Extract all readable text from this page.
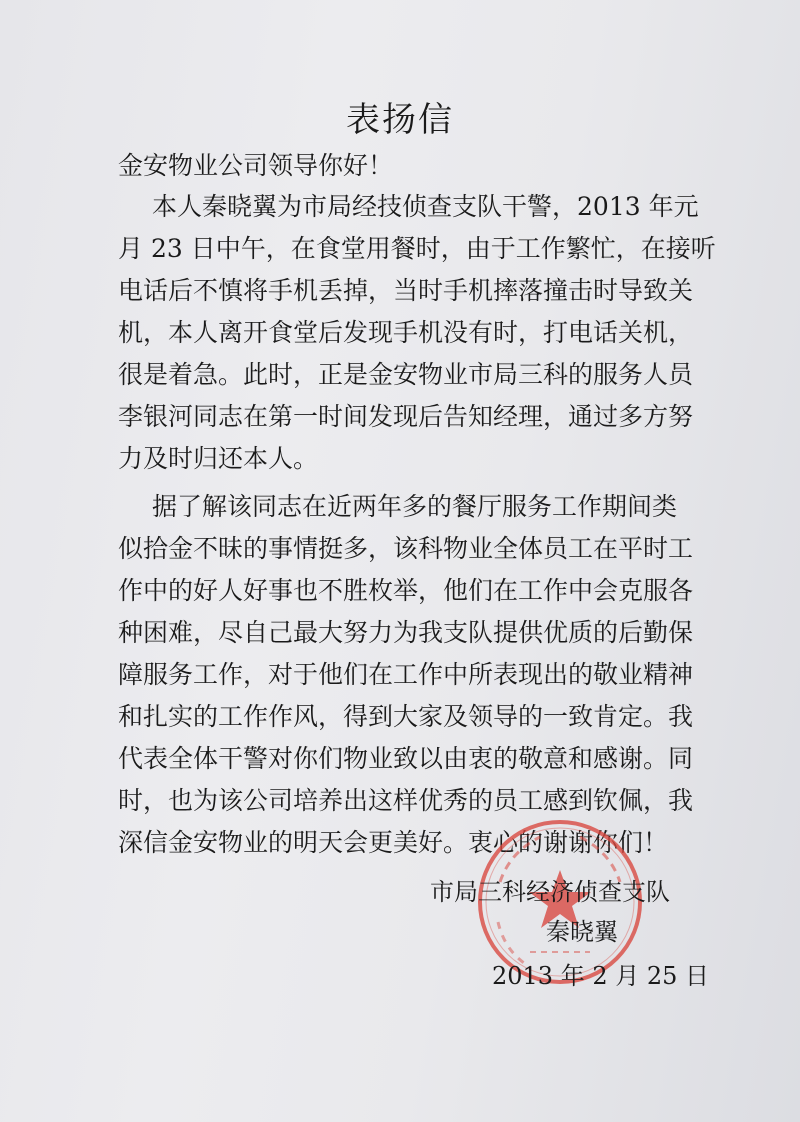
表扬信

金安物业公司领导你好！

本人秦晓翼为市局经技侦查支队干警，2013 年元

月 23 日中午，在食堂用餐时，由于工作繁忙，在接听

电话后不慎将手机丢掉，当时手机摔落撞击时导致关

机，本人离开食堂后发现手机没有时，打电话关机，

很是着急。此时，正是金安物业市局三科的服务人员

李银河同志在第一时间发现后告知经理，通过多方努

力及时归还本人。

据了解该同志在近两年多的餐厅服务工作期间类

似拾金不昧的事情挺多，该科物业全体员工在平时工

作中的好人好事也不胜枚举，他们在工作中会克服各

种困难，尽自己最大努力为我支队提供优质的后勤保

障服务工作，对于他们在工作中所表现出的敬业精神

和扎实的工作作风，得到大家及领导的一致肯定。我

代表全体干警对你们物业致以由衷的敬意和感谢。同

时，也为该公司培养出这样优秀的员工感到钦佩，我

深信金安物业的明天会更美好。衷心的谢谢你们！

市局三科经济侦查支队

秦晓翼

2013 年 2 月 25 日
